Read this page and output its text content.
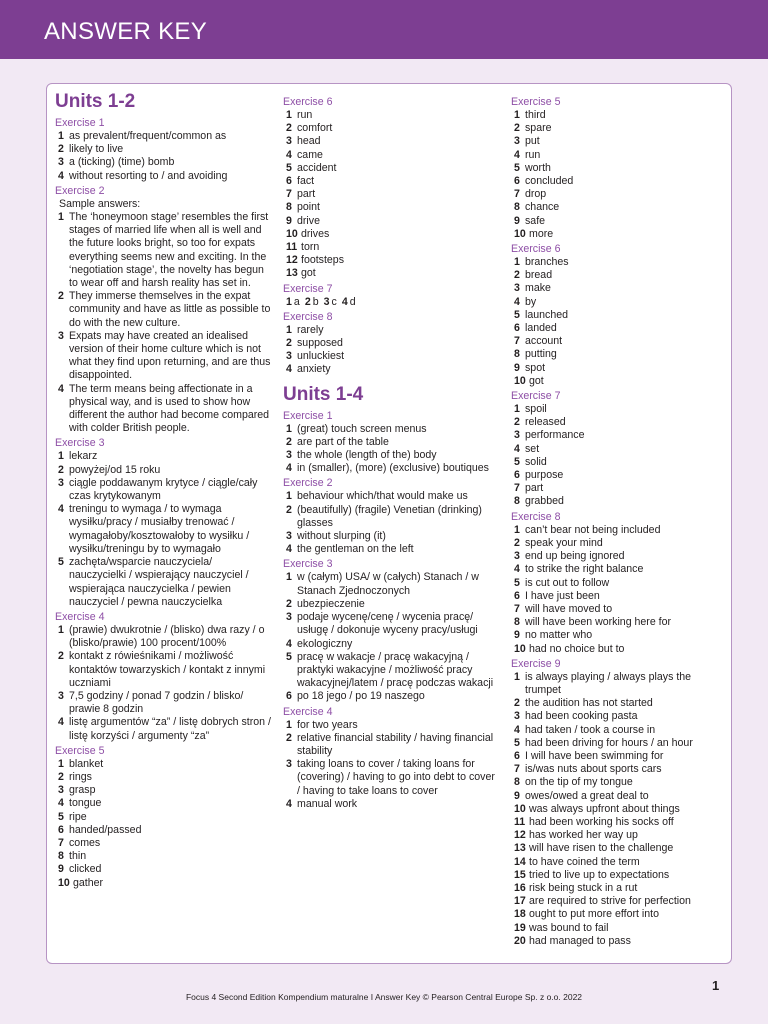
ANSWER KEY
Units 1-2
Exercise 1
1 as prevalent/frequent/common as
2 likely to live
3 a (ticking) (time) bomb
4 without resorting to / and avoiding
Exercise 2
Sample answers:
1 The ‘honeymoon stage’ resembles the first stages of married life when all is well and the future looks bright, so too for expats everything seems new and exciting. In the ‘negotiation stage’, the novelty has begun to wear off and harsh reality has set in.
2 They immerse themselves in the expat community and have as little as possible to do with the new culture.
3 Expats may have created an idealised version of their home culture which is not what they find upon returning, and are thus disappointed.
4 The term means being affectionate in a physical way, and is used to show how different the author had become compared with colder British people.
Exercise 3
1 lekarz
2 powyżej/od 15 roku
3 ciągle poddawanym krytyce / ciągle/cały czas krytykowanym
4 treningu to wymaga / to wymaga wysiłku/pracy / musiałby trenować / wymagałoby/kosztowałoby to wysiłku / wysiłku/treningu by to wymagało
5 zachęta/wsparcie nauczyciela/ nauczycielki / wspierający nauczyciel / wspierająca nauczycielka / pewien nauczyciel / pewna nauczycielka
Exercise 4
1 (prawie) dwukrotnie / (blisko) dwa razy / o (blisko/prawie) 100 procent/100%
2 kontakt z rówieśnikami / możliwość kontaktów towarzyskich / kontakt z innymi uczniami
3 7,5 godziny / ponad 7 godzin / blisko/ prawie 8 godzin
4 listę argumentów “za” / listę dobrych stron / listę korzyści / argumenty “za”
Exercise 5
1 blanket
2 rings
3 grasp
4 tongue
5 ripe
6 handed/passed
7 comes
8 thin
9 clicked
10 gather
Exercise 6
1 run
2 comfort
3 head
4 came
5 accident
6 fact
7 part
8 point
9 drive
10 drives
11 torn
12 footsteps
13 got
Exercise 7
1 a 2 b 3 c 4 d
Exercise 8
1 rarely
2 supposed
3 unluckiest
4 anxiety
Units 1-4
Exercise 1
1 (great) touch screen menus
2 are part of the table
3 the whole (length of the) body
4 in (smaller), (more) (exclusive) boutiques
Exercise 2
1 behaviour which/that would make us
2 (beautifully) (fragile) Venetian (drinking) glasses
3 without slurping (it)
4 the gentleman on the left
Exercise 3
1 w (całym) USA/ w (całych) Stanach / w Stanach Zjednoczonych
2 ubezpieczenie
3 podaje wycenę/cenę / wycenia pracę/ usługę / dokonuje wyceny pracy/usługi
4 ekologiczny
5 pracę w wakacje / pracę wakacyjną / praktyki wakacyjne / możliwość pracy wakacyjnej/latem / pracę podczas wakacji
6 po 18 jego / po 19 naszego
Exercise 4
1 for two years
2 relative financial stability / having financial stability
3 taking loans to cover / taking loans for (covering) / having to go into debt to cover / having to take loans to cover
4 manual work
Exercise 5
1 third
2 spare
3 put
4 run
5 worth
6 concluded
7 drop
8 chance
9 safe
10 more
Exercise 6
1 branches
2 bread
3 make
4 by
5 launched
6 landed
7 account
8 putting
9 spot
10 got
Exercise 7
1 spoil
2 released
3 performance
4 set
5 solid
6 purpose
7 part
8 grabbed
Exercise 8
1 can’t bear not being included
2 speak your mind
3 end up being ignored
4 to strike the right balance
5 is cut out to follow
6 I have just been
7 will have moved to
8 will have been working here for
9 no matter who
10 had no choice but to
Exercise 9
1 is always playing / always plays the trumpet
2 the audition has not started
3 had been cooking pasta
4 had taken / took a course in
5 had been driving for hours / an hour
6 I will have been swimming for
7 is/was nuts about sports cars
8 on the tip of my tongue
9 owes/owed a great deal to
10 was always upfront about things
11 had been working his socks off
12 has worked her way up
13 will have risen to the challenge
14 to have coined the term
15 tried to live up to expectations
16 risk being stuck in a rut
17 are required to strive for perfection
18 ought to put more effort into
19 was bound to fail
20 had managed to pass
1
Focus 4 Second Edition Kompendium maturalne I Answer Key © Pearson Central Europe Sp. z o.o. 2022
